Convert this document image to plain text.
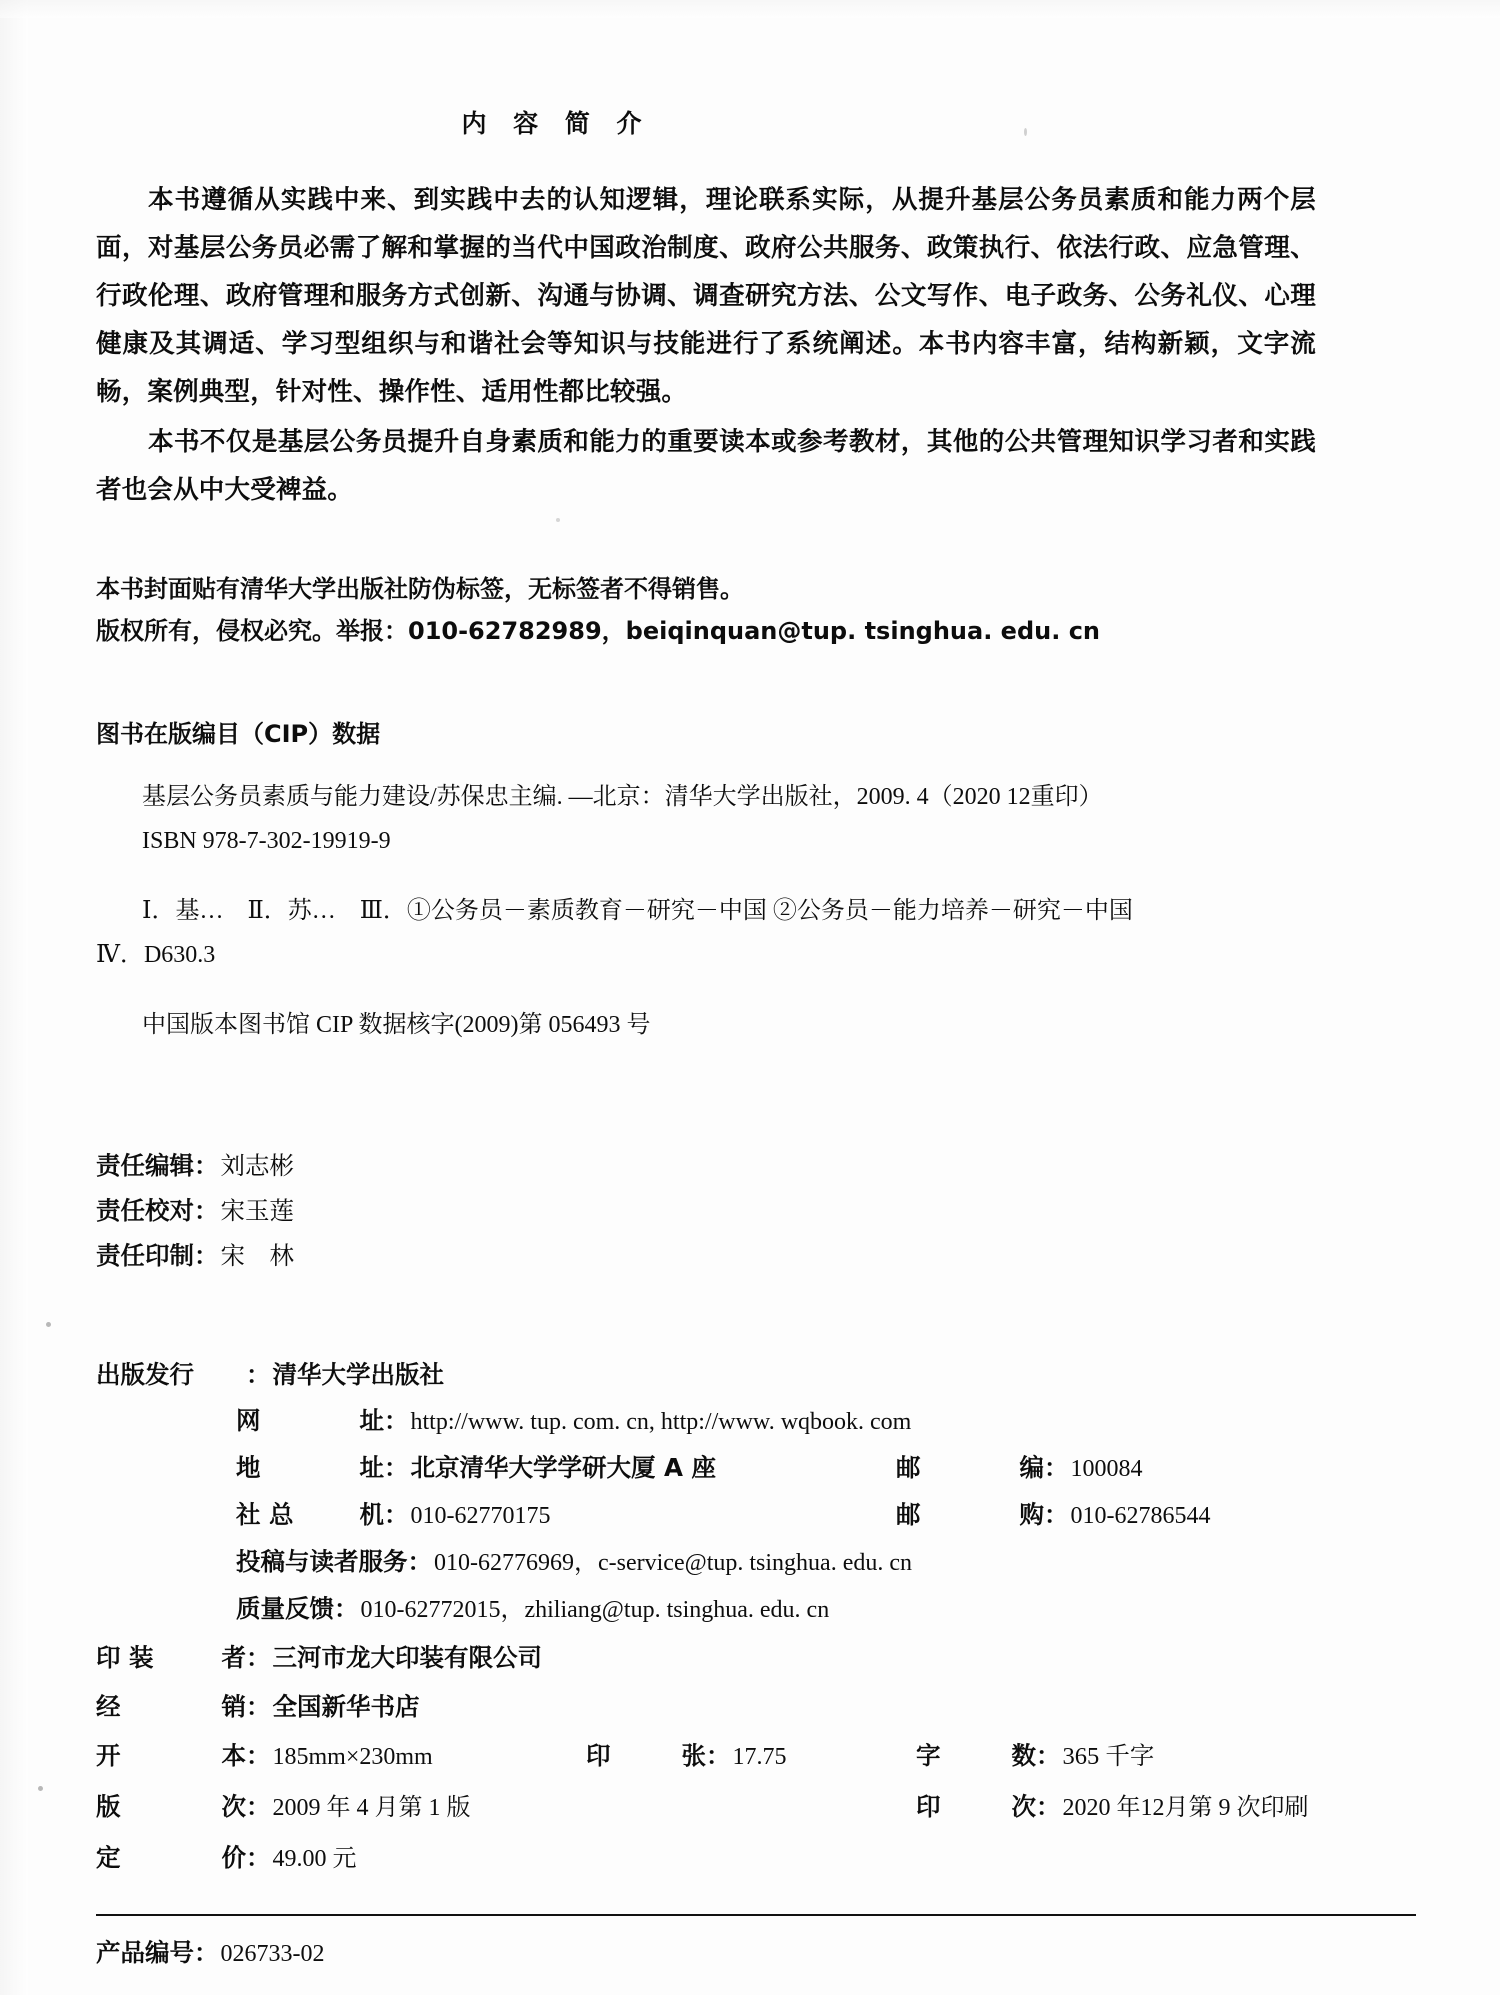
内 容 简 介

本书遵循从实践中来、到实践中去的认知逻辑，理论联系实际，从提升基层公务员素质和能力两个层面，对基层公务员必需了解和掌握的当代中国政治制度、政府公共服务、政策执行、依法行政、应急管理、行政伦理、政府管理和服务方式创新、沟通与协调、调查研究方法、公文写作、电子政务、公务礼仪、心理健康及其调适、学习型组织与和谐社会等知识与技能进行了系统阐述。本书内容丰富，结构新颖，文字流畅，案例典型，针对性、操作性、适用性都比较强。

本书不仅是基层公务员提升自身素质和能力的重要读本或参考教材，其他的公共管理知识学习者和实践者也会从中大受裨益。

本书封面贴有清华大学出版社防伪标签，无标签者不得销售。

版权所有，侵权必究。举报：010-62782989，beiqinquan@tup. tsinghua. edu. cn

图书在版编目（CIP）数据

基层公务员素质与能力建设/苏保忠主编. —北京：清华大学出版社，2009. 4（2020 12重印）

ISBN 978-7-302-19919-9

Ⅰ．基…　Ⅱ．苏…　Ⅲ．①公务员－素质教育－研究－中国 ②公务员－能力培养－研究－中国

Ⅳ．D630.3

中国版本图书馆 CIP 数据核字(2009)第 056493 号

责任编辑：刘志彬
责任校对：宋玉莲
责任印制：宋　林
出版发行	： 清华大学出版社
网	址 ： http://www. tup. com. cn, http://www. wqbook. com
地	址 ： 北京清华大学学研大厦 A 座	邮	编 ： 100084
社 总	机 ： 010-62770175	邮	购 ： 010-62786544
投稿与读者服务 ： 010-62776969，c-service@tup. tsinghua. edu. cn
质量反馈 ： 010-62772015，zhiliang@tup. tsinghua. edu. cn
印 装	者 ： 三河市龙大印装有限公司
经	销 ： 全国新华书店
开	本 ： 185mm×230mm	印	张 ： 17.75	字	数 ： 365 千字
版	次 ： 2009 年 4 月第 1 版	印	次 ： 2020 年12月第 9 次印刷
定	价 ： 49.00 元
产品编号：026733-02
